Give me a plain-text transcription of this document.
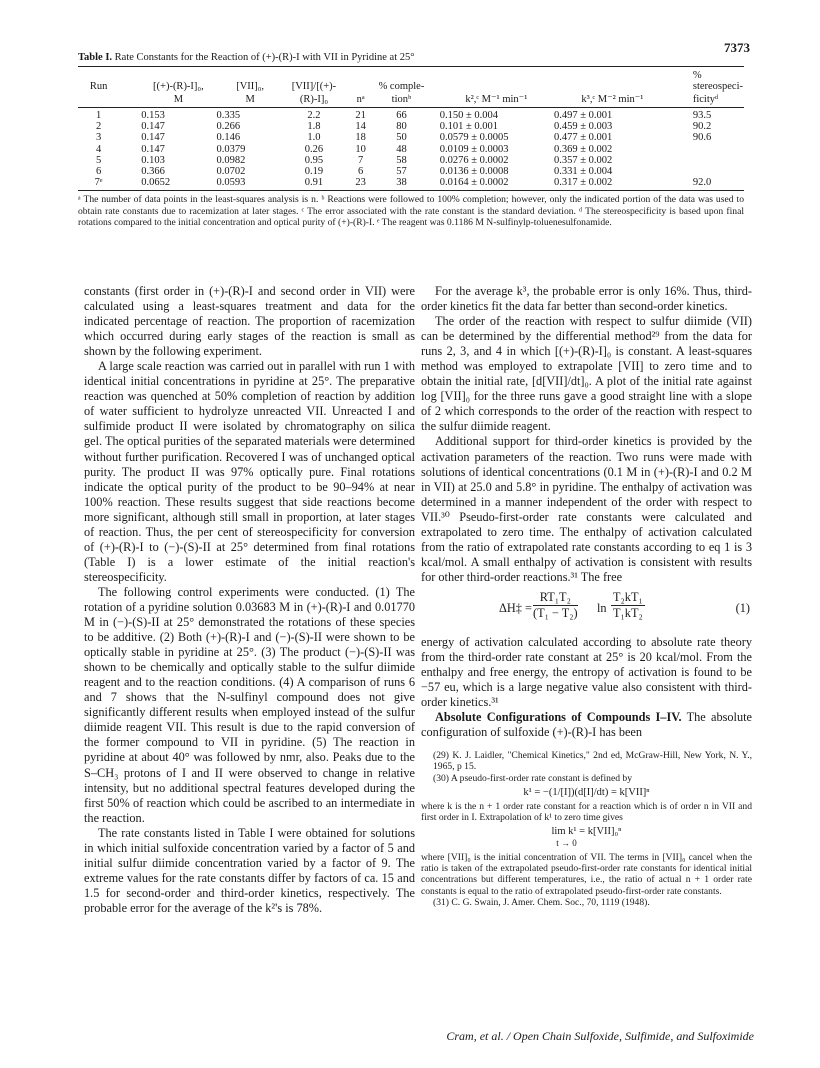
7373
Table I. Rate Constants for the Reaction of (+)-(R)-I with VII in Pyridine at 25°
Run	[(+)-(R)-I]₀,	[VII]₀,	[VII]/[(+)-		% comple-			% stereospeci-
	M	M	(R)-I]₀	nᵃ	tionᵇ	k²,ᶜ M⁻¹ min⁻¹	k³,ᶜ M⁻² min⁻¹	ficityᵈ
1	0.153	0.335	2.2	21	66	0.150 ± 0.004	0.497 ± 0.001	93.5
2	0.147	0.266	1.8	14	80	0.101 ± 0.001	0.459 ± 0.003	90.2
3	0.147	0.146	1.0	18	50	0.0579 ± 0.0005	0.477 ± 0.001	90.6
4	0.147	0.0379	0.26	10	48	0.0109 ± 0.0003	0.369 ± 0.002	
5	0.103	0.0982	0.95	7	58	0.0276 ± 0.0002	0.357 ± 0.002	
6	0.366	0.0702	0.19	6	57	0.0136 ± 0.0008	0.331 ± 0.004	
7ᵉ	0.0652	0.0593	0.91	23	38	0.0164 ± 0.0002	0.317 ± 0.002	92.0
ᵃ The number of data points in the least-squares analysis is n. ᵇ Reactions were followed to 100% completion; however, only the indicated portion of the data was used to obtain rate constants due to racemization at later stages. ᶜ The error associated with the rate constant is the standard deviation. ᵈ The stereospecificity is based upon final rotations compared to the initial concentration and optical purity of (+)-(R)-I. ᵉ The reagent was 0.1186 M N-sulfinylp-toluenesulfonamide.

constants (first order in (+)-(R)-I and second order in VII) were calculated using a least-squares treatment and data for the indicated percentage of reaction. The proportion of racemization which occurred during early stages of the reaction is small as shown by the following experiment.

A large scale reaction was carried out in parallel with run 1 with identical initial concentrations in pyridine at 25°. The preparative reaction was quenched at 50% completion of reaction by addition of water sufficient to hydrolyze unreacted VII. Unreacted I and sulfimide product II were isolated by chromatography on silica gel. The optical purities of the separated materials were determined without further purification. Recovered I was of unchanged optical purity. The product II was 97% optically pure. Final rotations indicate the optical purity of the product to be 90–94% at near 100% reaction. These results suggest that side reactions become more significant, although still small in proportion, at later stages of reaction. Thus, the per cent of stereospecificity for conversion of (+)-(R)-I to (−)-(S)-II at 25° determined from final rotations (Table I) is a lower estimate of the initial reaction's stereospecificity.

The following control experiments were conducted. (1) The rotation of a pyridine solution 0.03683 M in (+)-(R)-I and 0.01770 M in (−)-(S)-II at 25° demonstrated the rotations of these species to be additive. (2) Both (+)-(R)-I and (−)-(S)-II were shown to be optically stable in pyridine at 25°. (3) The product (−)-(S)-II was shown to be chemically and optically stable to the sulfur diimide reagent and to the reaction conditions. (4) A comparison of runs 6 and 7 shows that the N-sulfinyl compound does not give significantly different results when employed instead of the sulfur diimide reagent VII. This result is due to the rapid conversion of the former compound to VII in pyridine. (5) The reaction in pyridine at about 40° was followed by nmr, also. Peaks due to the S–CH₃ protons of I and II were observed to change in relative intensity, but no additional spectral features developed during the first 50% of reaction which could be ascribed to an intermediate in the reaction.

The rate constants listed in Table I were obtained for solutions in which initial sulfoxide concentration varied by a factor of 5 and initial sulfur diimide concentration varied by a factor of 9. The extreme values for the rate constants differ by factors of ca. 15 and 1.5 for second-order and third-order kinetics, respectively. The probable error for the average of the k²'s is 78%.

For the average k³, the probable error is only 16%. Thus, third-order kinetics fit the data far better than second-order kinetics.

The order of the reaction with respect to sulfur diimide (VII) can be determined by the differential method²⁹ from the data for runs 2, 3, and 4 in which [(+)-(R)-I]₀ is constant. A least-squares method was employed to extrapolate [VII] to zero time and to obtain the initial rate, [d[VII]/dt]₀. A plot of the initial rate against log [VII]₀ for the three runs gave a good straight line with a slope of 2 which corresponds to the order of the reaction with respect to the sulfur diimide reagent.

Additional support for third-order kinetics is provided by the activation parameters of the reaction. Two runs were made with solutions of identical concentrations (0.1 M in (+)-(R)-I and 0.2 M in VII) at 25.0 and 5.8° in pyridine. The enthalpy of activation was determined in a manner independent of the order with respect to VII.³⁰ Pseudo-first-order rate constants were calculated and extrapolated to zero time. The enthalpy of activation calculated from the ratio of extrapolated rate constants according to eq 1 is 3 kcal/mol. A small enthalpy of activation is consistent with results for other third-order reactions.³¹ The free

ΔH‡ = $\frac{\text{RT₁T₂}}{\text{(T₁ − T₂)}}$ $\ln \frac{\text{T₂kT₁}}{\text{T₁kT₂}}$	(1)

energy of activation calculated according to absolute rate theory from the third-order rate constant at 25° is 20 kcal/mol. From the enthalpy and free energy, the entropy of activation is found to be −57 eu, which is a large negative value also consistent with third-order kinetics.³¹

Absolute Configurations of Compounds I–IV. The absolute configuration of sulfoxide (+)-(R)-I has been

(29) K. J. Laidler, "Chemical Kinetics," 2nd ed, McGraw-Hill, New York, N. Y., 1965, p 15.

(30) A pseudo-first-order rate constant is defined by

k¹ = −(1/[I])(d[I]/dt) = k[VII]ⁿ

where k is the n + 1 order rate constant for a reaction which is of order n in VII and first order in I. Extrapolation of k¹ to zero time gives

lim k¹ = k[VII]₀ⁿ
t → 0

where [VII]₀ is the initial concentration of VII. The terms in [VII]₀ cancel when the ratio is taken of the extrapolated pseudo-first-order rate constants for identical initial concentrations but different temperatures, i.e., the ratio of actual n + 1 order rate constants is equal to the ratio of extrapolated pseudo-first-order rate constants.

(31) C. G. Swain, J. Amer. Chem. Soc., 70, 1119 (1948).

Cram, et al. / Open Chain Sulfoxide, Sulfimide, and Sulfoximide
